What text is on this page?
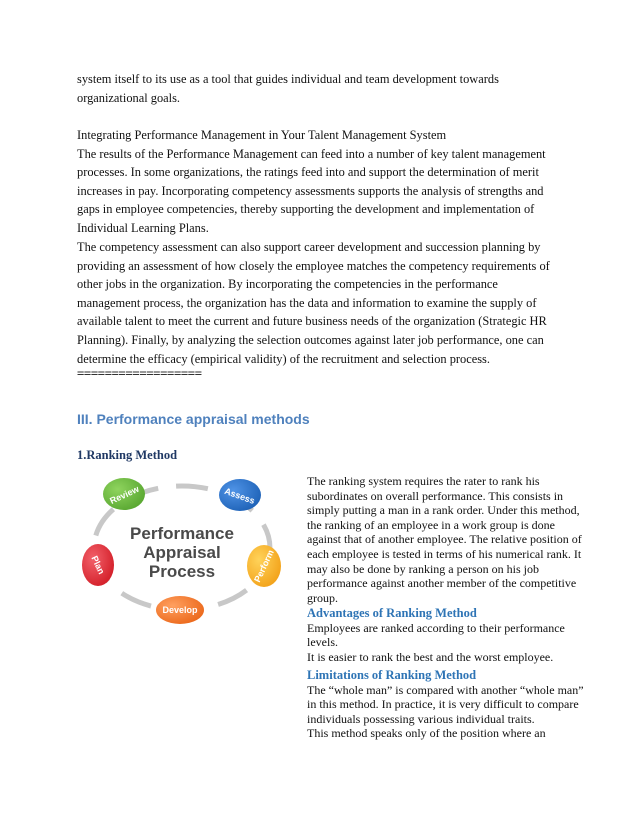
system itself to its use as a tool that guides individual and team development towards
organizational goals.
Integrating Performance Management in Your Talent Management System
The results of the Performance Management can feed into a number of key talent management
processes. In some organizations, the ratings feed into and support the determination of merit
increases in pay. Incorporating competency assessments supports the analysis of strengths and
gaps in employee competencies, thereby supporting the development and implementation of
Individual Learning Plans.
The competency assessment can also support career development and succession planning by
providing an assessment of how closely the employee matches the competency requirements of
other jobs in the organization. By incorporating the competencies in the performance
management process, the organization has the data and information to examine the supply of
available talent to meet the current and future business needs of the organization (Strategic HR
Planning). Finally, by analyzing the selection outcomes against later job performance, one can
determine the efficacy (empirical validity) of the recruitment and selection process.
==================
III. Performance appraisal methods
1.Ranking Method
Review	Assess
Perform
Develop
Plan
Performance
Appraisal
Process
The ranking system requires the rater to rank his
subordinates on overall performance. This consists in
simply putting a man in a rank order. Under this method,
the ranking of an employee in a work group is done
against that of another employee. The relative position of
each employee is tested in terms of his numerical rank. It
may also be done by ranking a person on his job
performance against another member of the competitive
group.
Advantages of Ranking Method
Employees are ranked according to their performance
levels.
It is easier to rank the best and the worst employee.
Limitations of Ranking Method
The “whole man” is compared with another “whole man”
in this method. In practice, it is very difficult to compare
individuals possessing various individual traits.
This method speaks only of the position where an
